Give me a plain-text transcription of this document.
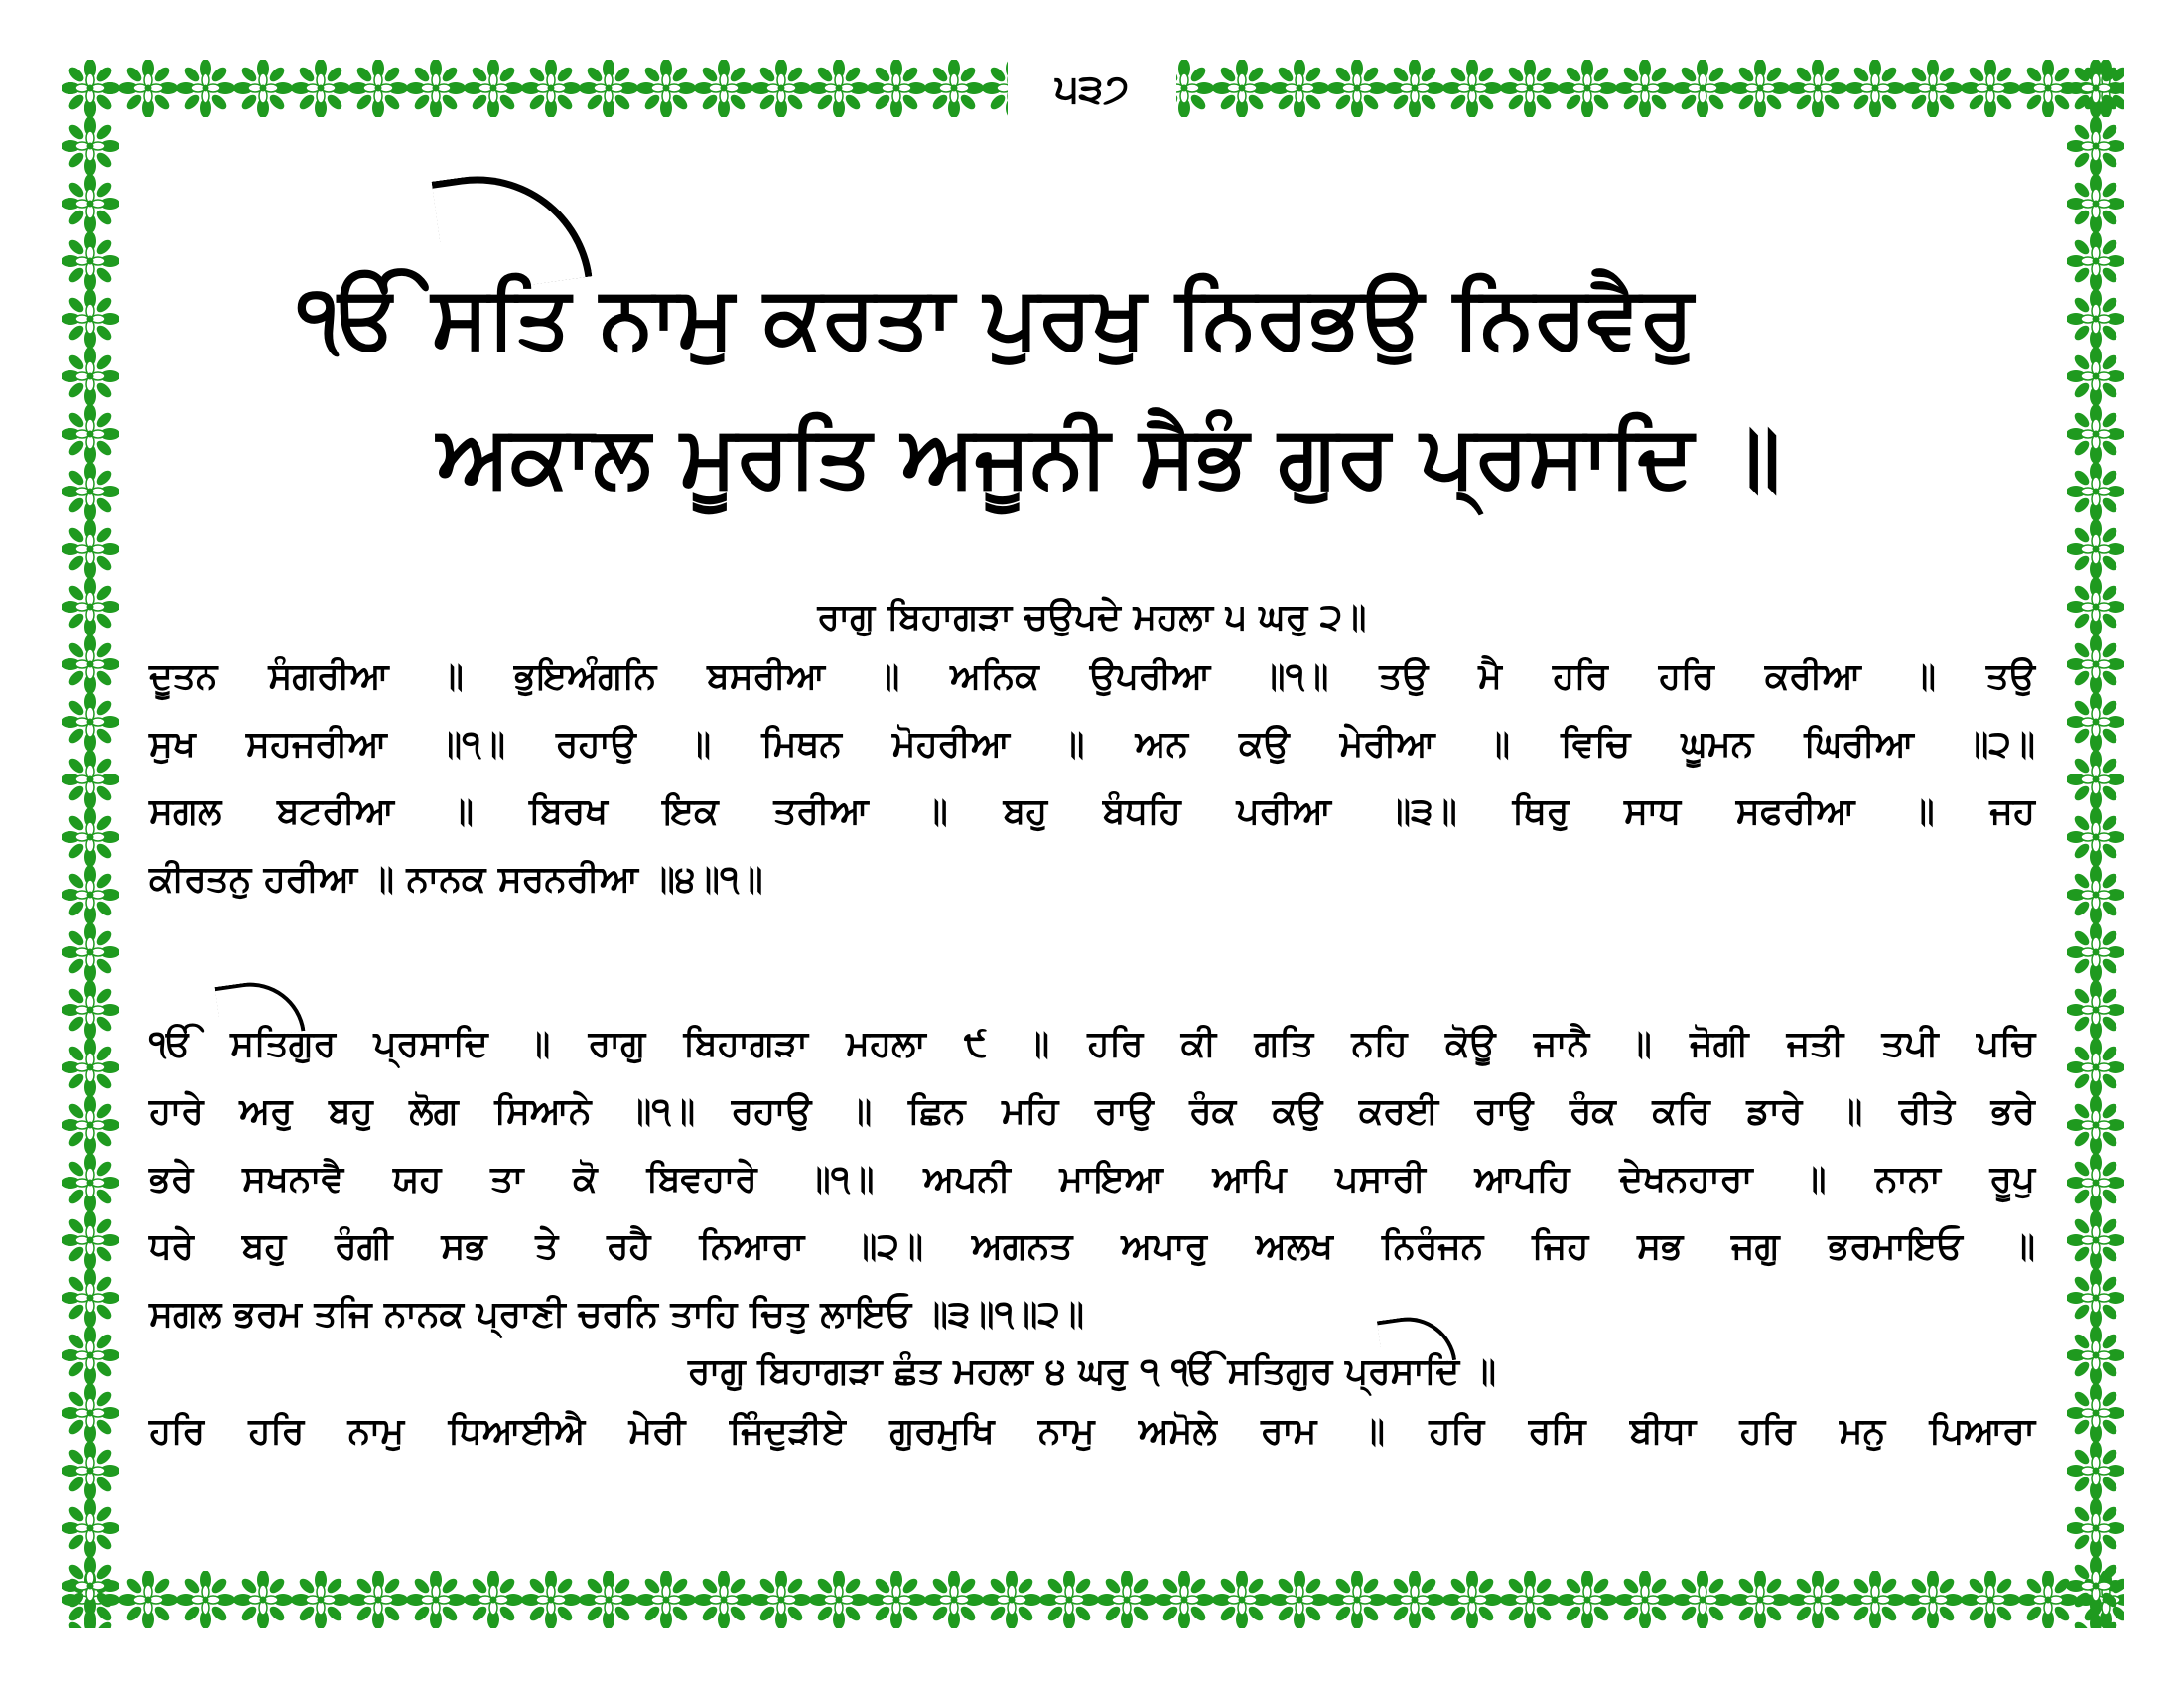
੫੩੭
ੴ ਸਤਿ ਨਾਮੁ ਕਰਤਾ ਪੁਰਖੁ ਨਿਰਭਉ ਨਿਰਵੈਰੁ
ਅਕਾਲ ਮੂਰਤਿ ਅਜੂਨੀ ਸੈਭੰ ਗੁਰ ਪ੍ਰਸਾਦਿ ॥
ਰਾਗੁ ਬਿਹਾਗੜਾ ਚਉਪਦੇ ਮਹਲਾ ੫ ਘਰੁ ੨॥
ਦੂਤਨ ਸੰਗਰੀਆ ॥ ਭੁਇਅੰਗਨਿ ਬਸਰੀਆ ॥ ਅਨਿਕ ਉਪਰੀਆ ॥੧॥ ਤਉ ਮੈ ਹਰਿ ਹਰਿ ਕਰੀਆ ॥ ਤਉ
ਸੁਖ ਸਹਜਰੀਆ ॥੧॥ ਰਹਾਉ ॥ ਮਿਥਨ ਮੋਹਰੀਆ ॥ ਅਨ ਕਉ ਮੇਰੀਆ ॥ ਵਿਚਿ ਘੂਮਨ ਘਿਰੀਆ ॥੨॥
ਸਗਲ ਬਟਰੀਆ ॥ ਬਿਰਖ ਇਕ ਤਰੀਆ ॥ ਬਹੁ ਬੰਧਹਿ ਪਰੀਆ ॥੩॥ ਥਿਰੁ ਸਾਧ ਸਫਰੀਆ ॥ ਜਹ
ਕੀਰਤਨੁ ਹਰੀਆ ॥ ਨਾਨਕ ਸਰਨਰੀਆ ॥੪॥੧॥
ੴ ਸਤਿਗੁਰ ਪ੍ਰਸਾਦਿ ॥ ਰਾਗੁ ਬਿਹਾਗੜਾ ਮਹਲਾ ੯ ॥ ਹਰਿ ਕੀ ਗਤਿ ਨਹਿ ਕੋਊ ਜਾਨੈ ॥ ਜੋਗੀ ਜਤੀ ਤਪੀ ਪਚਿ
ਹਾਰੇ ਅਰੁ ਬਹੁ ਲੋਗ ਸਿਆਨੇ ॥੧॥ ਰਹਾਉ ॥ ਛਿਨ ਮਹਿ ਰਾਉ ਰੰਕ ਕਉ ਕਰਈ ਰਾਉ ਰੰਕ ਕਰਿ ਡਾਰੇ ॥ ਰੀਤੇ ਭਰੇ
ਭਰੇ ਸਖਨਾਵੈ ਯਹ ਤਾ ਕੋ ਬਿਵਹਾਰੇ ॥੧॥ ਅਪਨੀ ਮਾਇਆ ਆਪਿ ਪਸਾਰੀ ਆਪਹਿ ਦੇਖਨਹਾਰਾ ॥ ਨਾਨਾ ਰੂਪੁ
ਧਰੇ ਬਹੁ ਰੰਗੀ ਸਭ ਤੇ ਰਹੈ ਨਿਆਰਾ ॥੨॥ ਅਗਨਤ ਅਪਾਰੁ ਅਲਖ ਨਿਰੰਜਨ ਜਿਹ ਸਭ ਜਗੁ ਭਰਮਾਇਓ ॥
ਸਗਲ ਭਰਮ ਤਜਿ ਨਾਨਕ ਪ੍ਰਾਣੀ ਚਰਨਿ ਤਾਹਿ ਚਿਤੁ ਲਾਇਓ ॥੩॥੧॥੨॥
ਰਾਗੁ ਬਿਹਾਗੜਾ ਛੰਤ ਮਹਲਾ ੪ ਘਰੁ ੧ ੴ ਸਤਿਗੁਰ ਪ੍ਰਸਾਦਿ ॥
ਹਰਿ ਹਰਿ ਨਾਮੁ ਧਿਆਈਐ ਮੇਰੀ ਜਿੰਦੁੜੀਏ ਗੁਰਮੁਖਿ ਨਾਮੁ ਅਮੋਲੇ ਰਾਮ ॥ ਹਰਿ ਰਸਿ ਬੀਧਾ ਹਰਿ ਮਨੁ ਪਿਆਰਾ
